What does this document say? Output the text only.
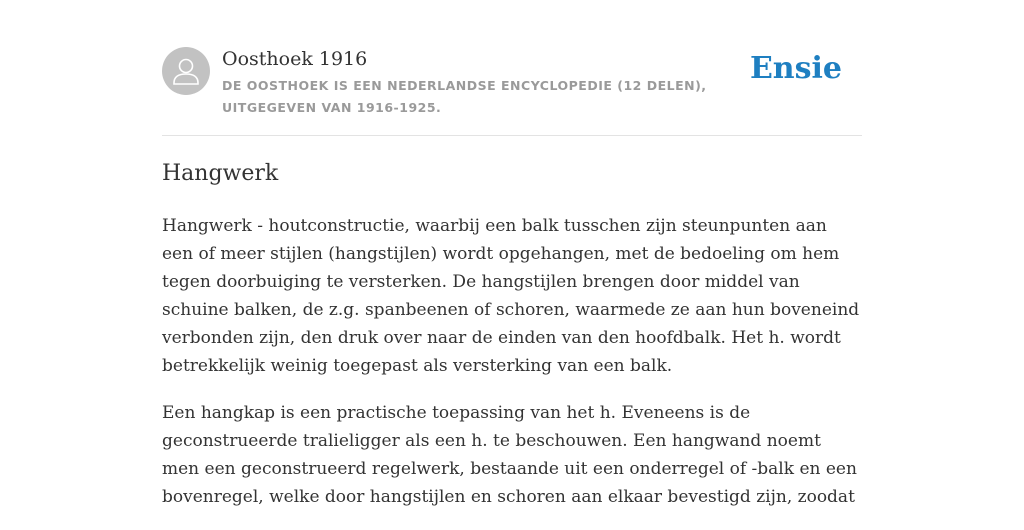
Oosthoek 1916
DE OOSTHOEK IS EEN NEDERLANDSE ENCYCLOPEDIE (12 DELEN), UITGEGEVEN VAN 1916-1925.
Ensie
Hangwerk

Hangwerk - houtconstructie, waarbij een balk tusschen zijn steunpunten aan een of meer stijlen (hangstijlen) wordt opgehangen, met de bedoeling om hem tegen doorbuiging te versterken. De hangstijlen brengen door middel van schuine balken, de z.g. spanbeenen of schoren, waarmede ze aan hun boveneind verbonden zijn, den druk over naar de einden van den hoofdbalk. Het h. wordt betrekkelijk weinig toegepast als versterking van een balk.

Een hangkap is een practische toepassing van het h. Eveneens is de geconstrueerde tralieligger als een h. te beschouwen. Een hangwand noemt men een geconstrueerd regelwerk, bestaande uit een onderregel of -balk en een bovenregel, welke door hangstijlen en schoren aan elkaar bevestigd zijn, zoodat
